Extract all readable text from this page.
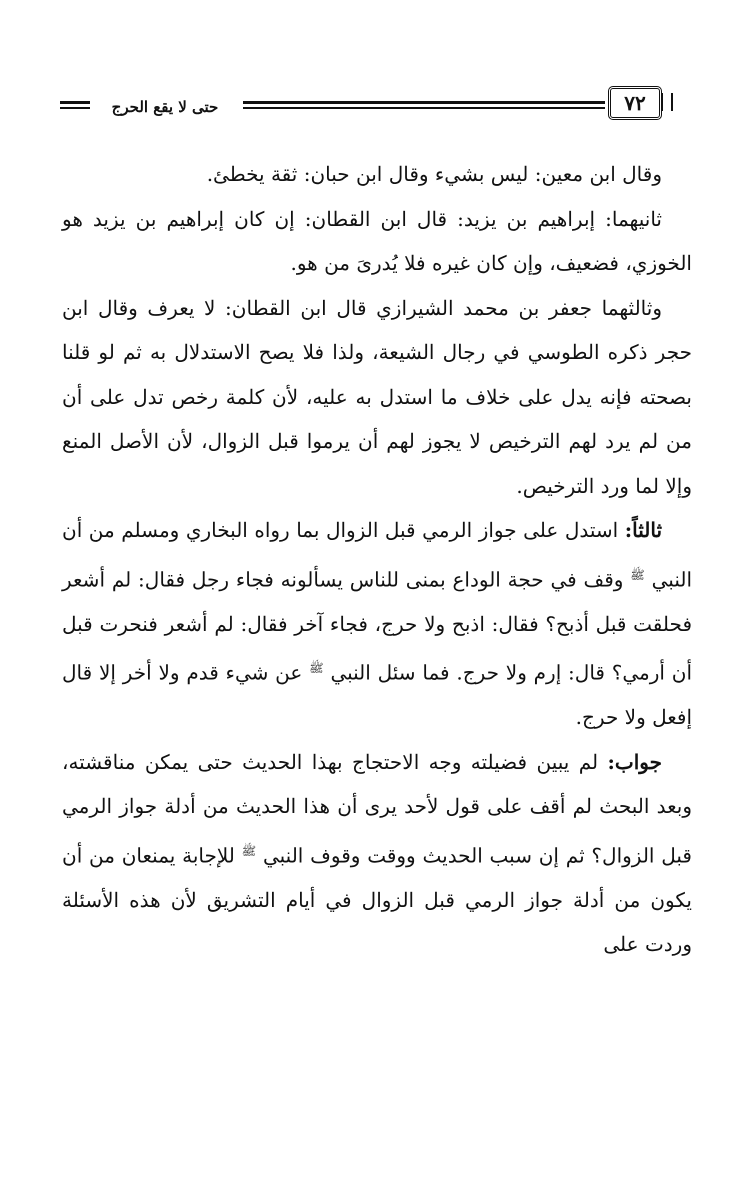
حتى لا يقع الحرج	٧٢

وقال ابن معين: ليس بشيء وقال ابن حبان: ثقة يخطئ.

ثانيهما: إبراهيم بن يزيد: قال ابن القطان: إن كان إبراهيم بن يزيد هو الخوزي، فضعيف، وإن كان غيره فلا يُدرىَ من هو.

وثالثهما جعفر بن محمد الشيرازي قال ابن القطان: لا يعرف وقال ابن حجر ذكره الطوسي في رجال الشيعة، ولذا فلا يصح الاستدلال به ثم لو قلنا بصحته فإنه يدل على خلاف ما استدل به عليه، لأن كلمة رخص تدل على أن من لم يرد لهم الترخيص لا يجوز لهم أن يرموا قبل الزوال، لأن الأصل المنع وإلا لما ورد الترخيص.

ثالثاً: استدل على جواز الرمي قبل الزوال بما رواه البخاري ومسلم من أن النبي $^ﷺ$ وقف في حجة الوداع بمنى للناس يسألونه فجاء رجل فقال: لم أشعر فحلقت قبل أذبح؟ فقال: اذبح ولا حرج، فجاء آخر فقال: لم أشعر فنحرت قبل أن أرمي؟ قال: إرم ولا حرج. فما سئل النبي $^ﷺ$ عن شيء قدم ولا أخر إلا قال إفعل ولا حرج.

جواب: لم يبين فضيلته وجه الاحتجاج بهذا الحديث حتى يمكن مناقشته، وبعد البحث لم أقف على قول لأحد يرى أن هذا الحديث من أدلة جواز الرمي قبل الزوال؟ ثم إن سبب الحديث ووقت وقوف النبي $^ﷺ$ للإجابة يمنعان من أن يكون من أدلة جواز الرمي قبل الزوال في أيام التشريق لأن هذه الأسئلة وردت على
